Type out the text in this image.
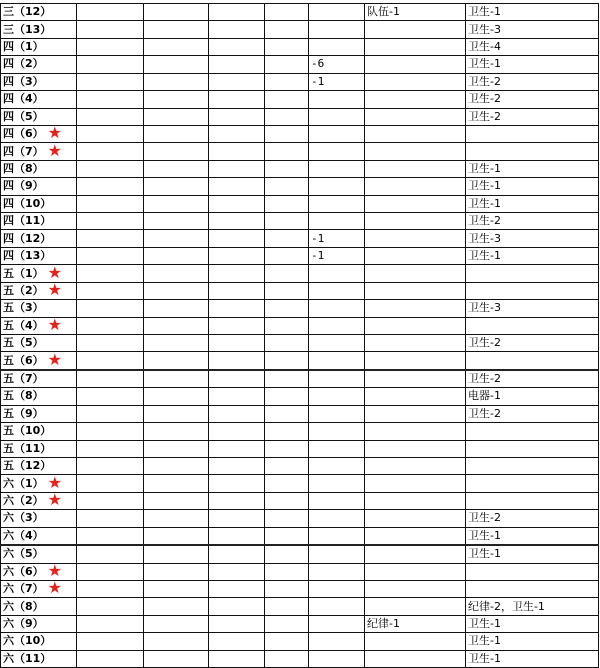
三（12）						队伍-1	卫生-1
三（13）							卫生-3
四（1）							卫生-4
四（2）					-6		卫生-1
四（3）					-1		卫生-2
四（4）							卫生-2
四（5）							卫生-2
四（6） ★							
四（7） ★							
四（8）							卫生-1
四（9）							卫生-1
四（10）							卫生-1
四（11）							卫生-2
四（12）					-1		卫生-3
四（13）					-1		卫生-1
五（1） ★							
五（2） ★							
五（3）							卫生-3
五（4） ★							
五（5）							卫生-2
五（6） ★							
五（7）							卫生-2
五（8）							电器-1
五（9）							卫生-2
五（10）							
五（11）							
五（12）							
六（1） ★							
六（2） ★							
六（3）							卫生-2
六（4）							卫生-1
六（5）							卫生-1
六（6） ★							
六（7） ★							
六（8）							纪律-2，卫生-1
六（9）						纪律-1	卫生-1
六（10）							卫生-1
六（11）							卫生-1
